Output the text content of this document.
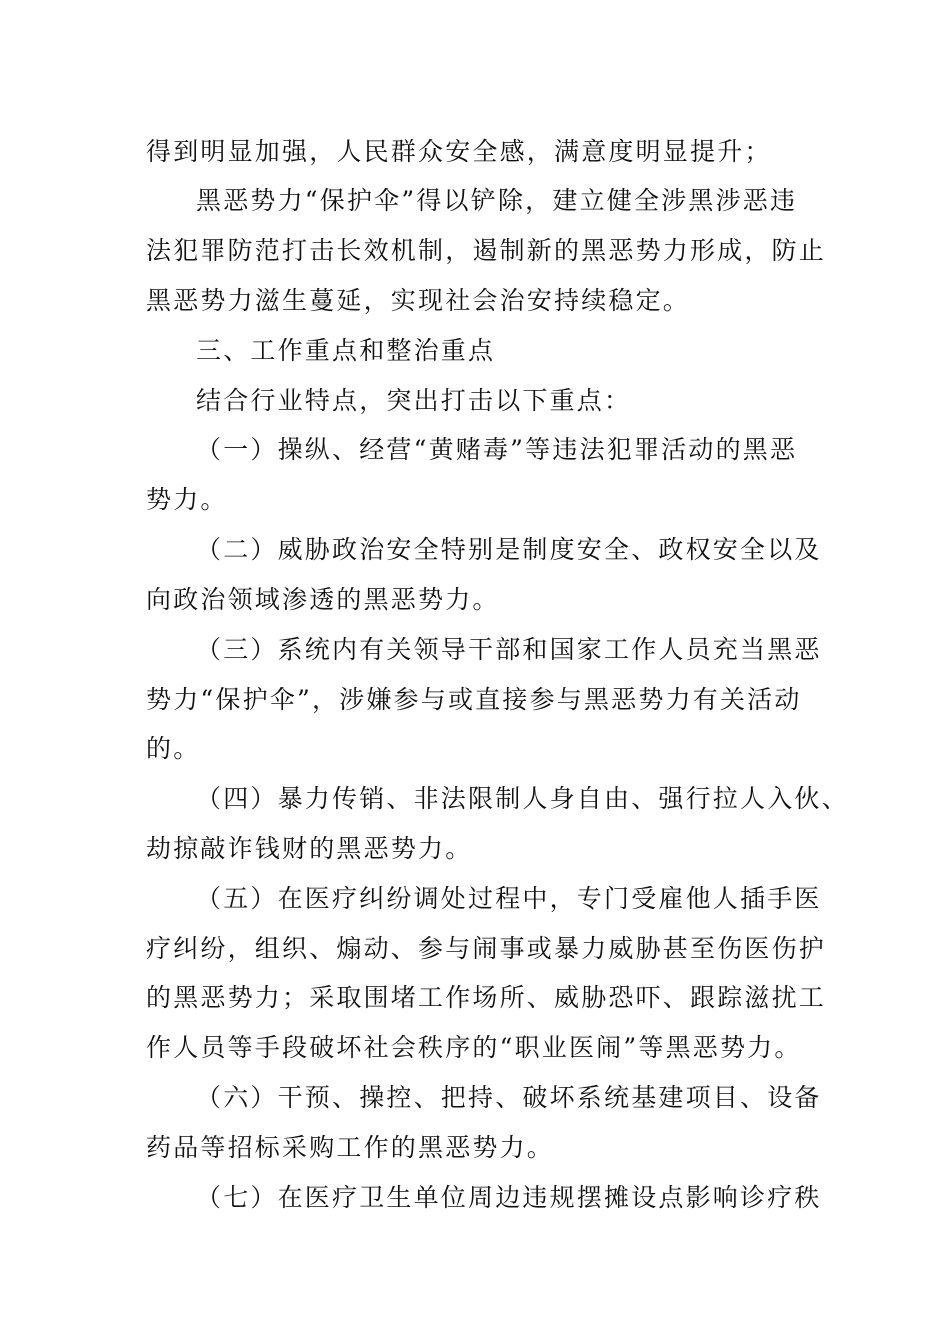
得到明显加强，人民群众安全感，满意度明显提升；
黑恶势力“保护伞”得以铲除，建立健全涉黑涉恶违
法犯罪防范打击长效机制，遏制新的黑恶势力形成，防止
黑恶势力滋生蔓延，实现社会治安持续稳定。
三、工作重点和整治重点
结合行业特点，突出打击以下重点：
（一）操纵、经营“黄赌毒”等违法犯罪活动的黑恶
势力。
（二）威胁政治安全特别是制度安全、政权安全以及
向政治领域渗透的黑恶势力。
（三）系统内有关领导干部和国家工作人员充当黑恶
势力“保护伞”，涉嫌参与或直接参与黑恶势力有关活动
的。
（四）暴力传销、非法限制人身自由、强行拉人入伙、
劫掠敲诈钱财的黑恶势力。
（五）在医疗纠纷调处过程中，专门受雇他人插手医
疗纠纷，组织、煽动、参与闹事或暴力威胁甚至伤医伤护
的黑恶势力；采取围堵工作场所、威胁恐吓、跟踪滋扰工
作人员等手段破坏社会秩序的“职业医闹”等黑恶势力。
（六）干预、操控、把持、破坏系统基建项目、设备
药品等招标采购工作的黑恶势力。
（七）在医疗卫生单位周边违规摆摊设点影响诊疗秩
